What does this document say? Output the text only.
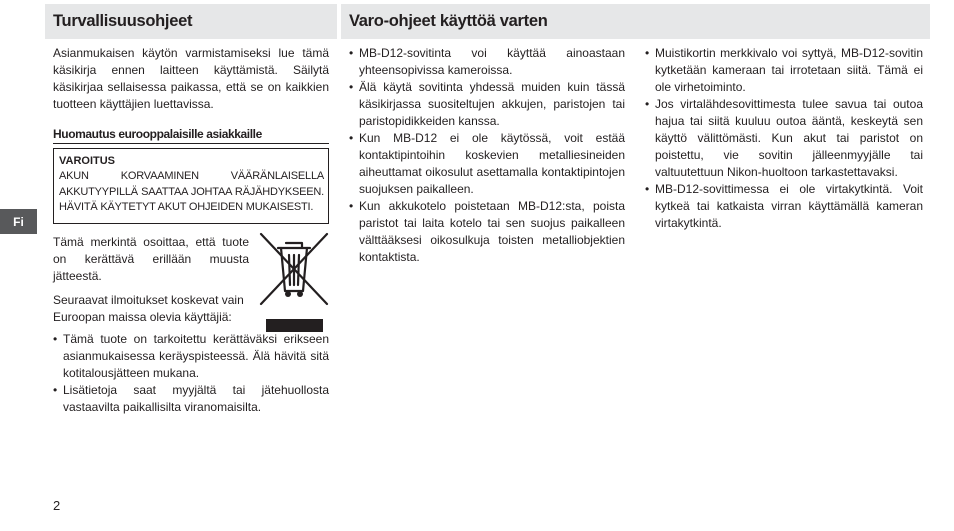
Turvallisuusohjeet	Varo-ohjeet käyttöä varten
Asianmukaisen käytön varmistamiseksi lue tämä käsikirja ennen laitteen käyttämistä. Säilytä käsikirjaa sellaisessa paikassa, että se on kaikkien tuotteen käyttäjien luettavissa.
Huomautus eurooppalaisille asiakkaille
VAROITUS
AKUN KORVAAMINEN VÄÄRÄNLAISELLA AKKUTYYPILLÄ SAATTAA JOHTAA RÄJÄHDYKSEEN. HÄVITÄ KÄYTETYT AKUT OHJEIDEN MUKAISESTI.
Fi
Tämä merkintä osoittaa, että tuote on kerättävä erillään muusta jätteestä.
Seuraavat ilmoitukset koskevat vain Euroopan maissa olevia käyttäjiä:
• Tämä tuote on tarkoitettu kerättäväksi erikseen asianmukaisessa keräyspisteessä. Älä hävitä sitä kotitalousjätteen mukana.
• Lisätietoja saat myyjältä tai jätehuollosta vastaavilta paikallisilta viranomaisilta.
• MB-D12-sovitinta voi käyttää ainoastaan yhteensopivissa kameroissa.
• Älä käytä sovitinta yhdessä muiden kuin tässä käsikirjassa suositeltujen akkujen, paristojen tai paristopidikkeiden kanssa.
• Kun MB-D12 ei ole käytössä, voit estää kontaktipintoihin koskevien metalliesineiden aiheuttamat oikosulut asettamalla kontaktipintojen suojuksen paikalleen.
• Kun akkukotelo poistetaan MB-D12:sta, poista paristot tai laita kotelo tai sen suojus paikalleen välttääksesi oikosulkuja toisten metalliobjektien kontaktista.
• Muistikortin merkkivalo voi syttyä, MB-D12-sovitin kytketään kameraan tai irrotetaan siitä. Tämä ei ole virhetoiminto.
• Jos virtalähdesovittimesta tulee savua tai outoa hajua tai siitä kuuluu outoa ääntä, keskeytä sen käyttö välittömästi. Kun akut tai paristot on poistettu, vie sovitin jälleenmyyjälle tai valtuutettuun Nikon-huoltoon tarkastettavaksi.
• MB-D12-sovittimessa ei ole virtakytkintä. Voit kytkeä tai katkaista virran käyttämällä kameran virtakytkintä.
2
